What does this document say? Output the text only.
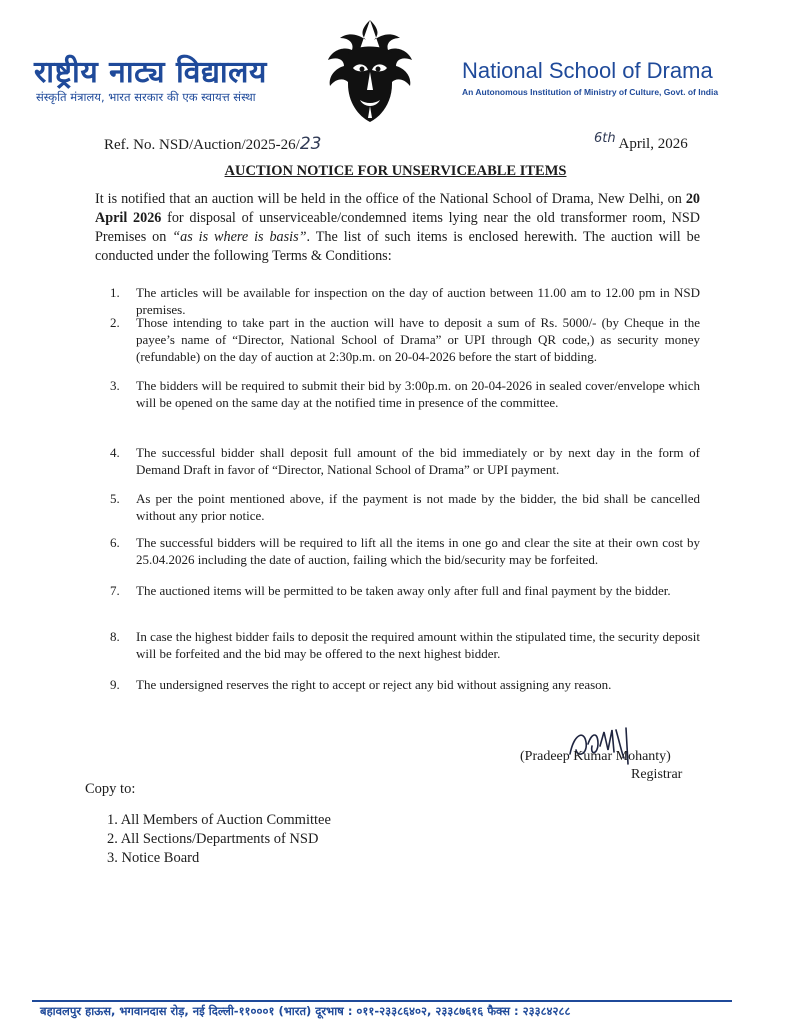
राष्ट्रीय नाट्य विद्यालय
संस्कृति मंत्रालय, भारत सरकार की एक स्वायत्त संस्था
National School of Drama
An Autonomous Institution of Ministry of Culture, Govt. of India
Ref. No. NSD/Auction/2025-26/23	6th April, 2026
AUCTION NOTICE FOR UNSERVICEABLE ITEMS
It is notified that an auction will be held in the office of the National School of Drama, New Delhi, on 20 April 2026 for disposal of unserviceable/condemned items lying near the old transformer room, NSD Premises on “as is where is basis”. The list of such items is enclosed herewith. The auction will be conducted under the following Terms & Conditions:
1.	The articles will be available for inspection on the day of auction between 11.00 am to 12.00 pm in NSD premises.
2.	Those intending to take part in the auction will have to deposit a sum of Rs. 5000/- (by Cheque in the payee’s name of “Director, National School of Drama” or UPI through QR code,) as security money (refundable) on the day of auction at 2:30p.m. on 20-04-2026 before the start of bidding.
3.	The bidders will be required to submit their bid by 3:00p.m. on 20-04-2026 in sealed cover/envelope which will be opened on the same day at the notified time in presence of the committee.
4.	The successful bidder shall deposit full amount of the bid immediately or by next day in the form of Demand Draft in favor of “Director, National School of Drama” or UPI payment.
5.	As per the point mentioned above, if the payment is not made by the bidder, the bid shall be cancelled without any prior notice.
6.	The successful bidders will be required to lift all the items in one go and clear the site at their own cost by 25.04.2026 including the date of auction, failing which the bid/security may be forfeited.
7.	The auctioned items will be permitted to be taken away only after full and final payment by the bidder.
8.	In case the highest bidder fails to deposit the required amount within the stipulated time, the security deposit will be forfeited and the bid may be offered to the next highest bidder.
9.	The undersigned reserves the right to accept or reject any bid without assigning any reason.
(Pradeep Kumar Mohanty)
Registrar
Copy to:
1. All Members of Auction Committee
2. All Sections/Departments of NSD
3. Notice Board
बहावलपुर हाऊस, भगवानदास रोड़, नई दिल्ली-११०००१ (भारत) दूरभाष : ०११-२३३८६४०२, २३३८७६१६ फैक्स : २३३८४२८८
